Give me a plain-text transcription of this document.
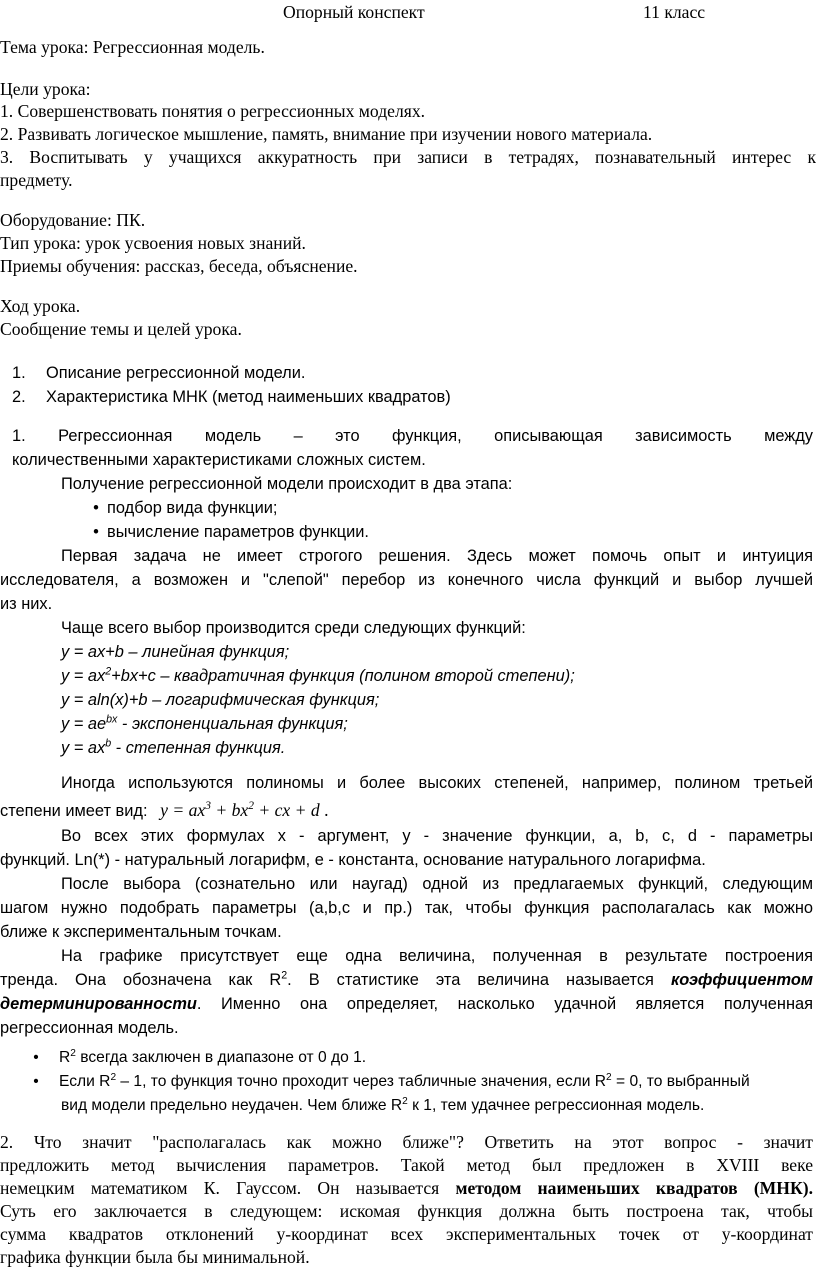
Опорный конспект	11 класс
Тема урока: Регрессионная модель.
Цели урока:
1. Совершенствовать понятия о регрессионных моделях.
2. Развивать логическое мышление, память, внимание при изучении нового материала.
3. Воспитывать у учащихся аккуратность при записи в тетрадях, познавательный интерес к
предмету.
Оборудование: ПК.
Тип урока: урок усвоения новых знаний.
Приемы обучения: рассказ, беседа, объяснение.
Ход урока.
Сообщение темы и целей урока.
1. Описание регрессионной модели.
2. Характеристика МНК (метод наименьших квадратов)
1. Регрессионная модель – это функция, описывающая зависимость между
количественными характеристиками сложных систем.
Получение регрессионной модели происходит в два этапа:
• подбор вида функции;
• вычисление параметров функции.
Первая задача не имеет строгого решения. Здесь может помочь опыт и интуиция
исследователя, а возможен и "слепой" перебор из конечного числа функций и выбор лучшей
из них.
Чаще всего выбор производится среди следующих функций:
y = ax+b – линейная функция;
$y = ax^2+bx+c$ – квадратичная функция (полином второй степени);
y = aln(x)+b – логарифмическая функция;
$y = ae^{bx}$ - экспоненциальная функция;
$y = ax^b$ - степенная функция.
Иногда используются полиномы и более высоких степеней, например, полином третьей
степени имеет вид: $y = ax^3 + bx^2$ + cx + d .
Во всех этих формулах x - аргумент, y - значение функции, a, b, c, d - параметры
функций. Ln(*) - натуральный логарифм, e - константа, основание натурального логарифма.
После выбора (сознательно или наугад) одной из предлагаемых функций, следующим
шагом нужно подобрать параметры (a,b,c и пр.) так, чтобы функция располагалась как можно
ближе к экспериментальным точкам.
На графике присутствует еще одна величина, полученная в результате построения
тренда. Она обозначена как $R^2$. В статистике эта величина называется коэффициентом
детерминированности. Именно она определяет, насколько удачной является полученная
регрессионная модель.
• $R^2$ всегда заключен в диапазоне от 0 до 1.
• Если $R^2 - 1$, то функция точно проходит через табличные значения, если $R^2 = 0$, то выбранный
вид модели предельно неудачен. Чем ближе $R^2$ к 1, тем удачнее регрессионная модель.
2. Что значит "располагалась как можно ближе"? Ответить на этот вопрос - значит
предложить метод вычисления параметров. Такой метод был предложен в XVIII веке
немецким математиком К. Гауссом. Он называется методом наименьших квадратов (МНК).
Суть его заключается в следующем: искомая функция должна быть построена так, чтобы
сумма квадратов отклонений y-координат всех экспериментальных точек от y-координат
графика функции была бы минимальной.
